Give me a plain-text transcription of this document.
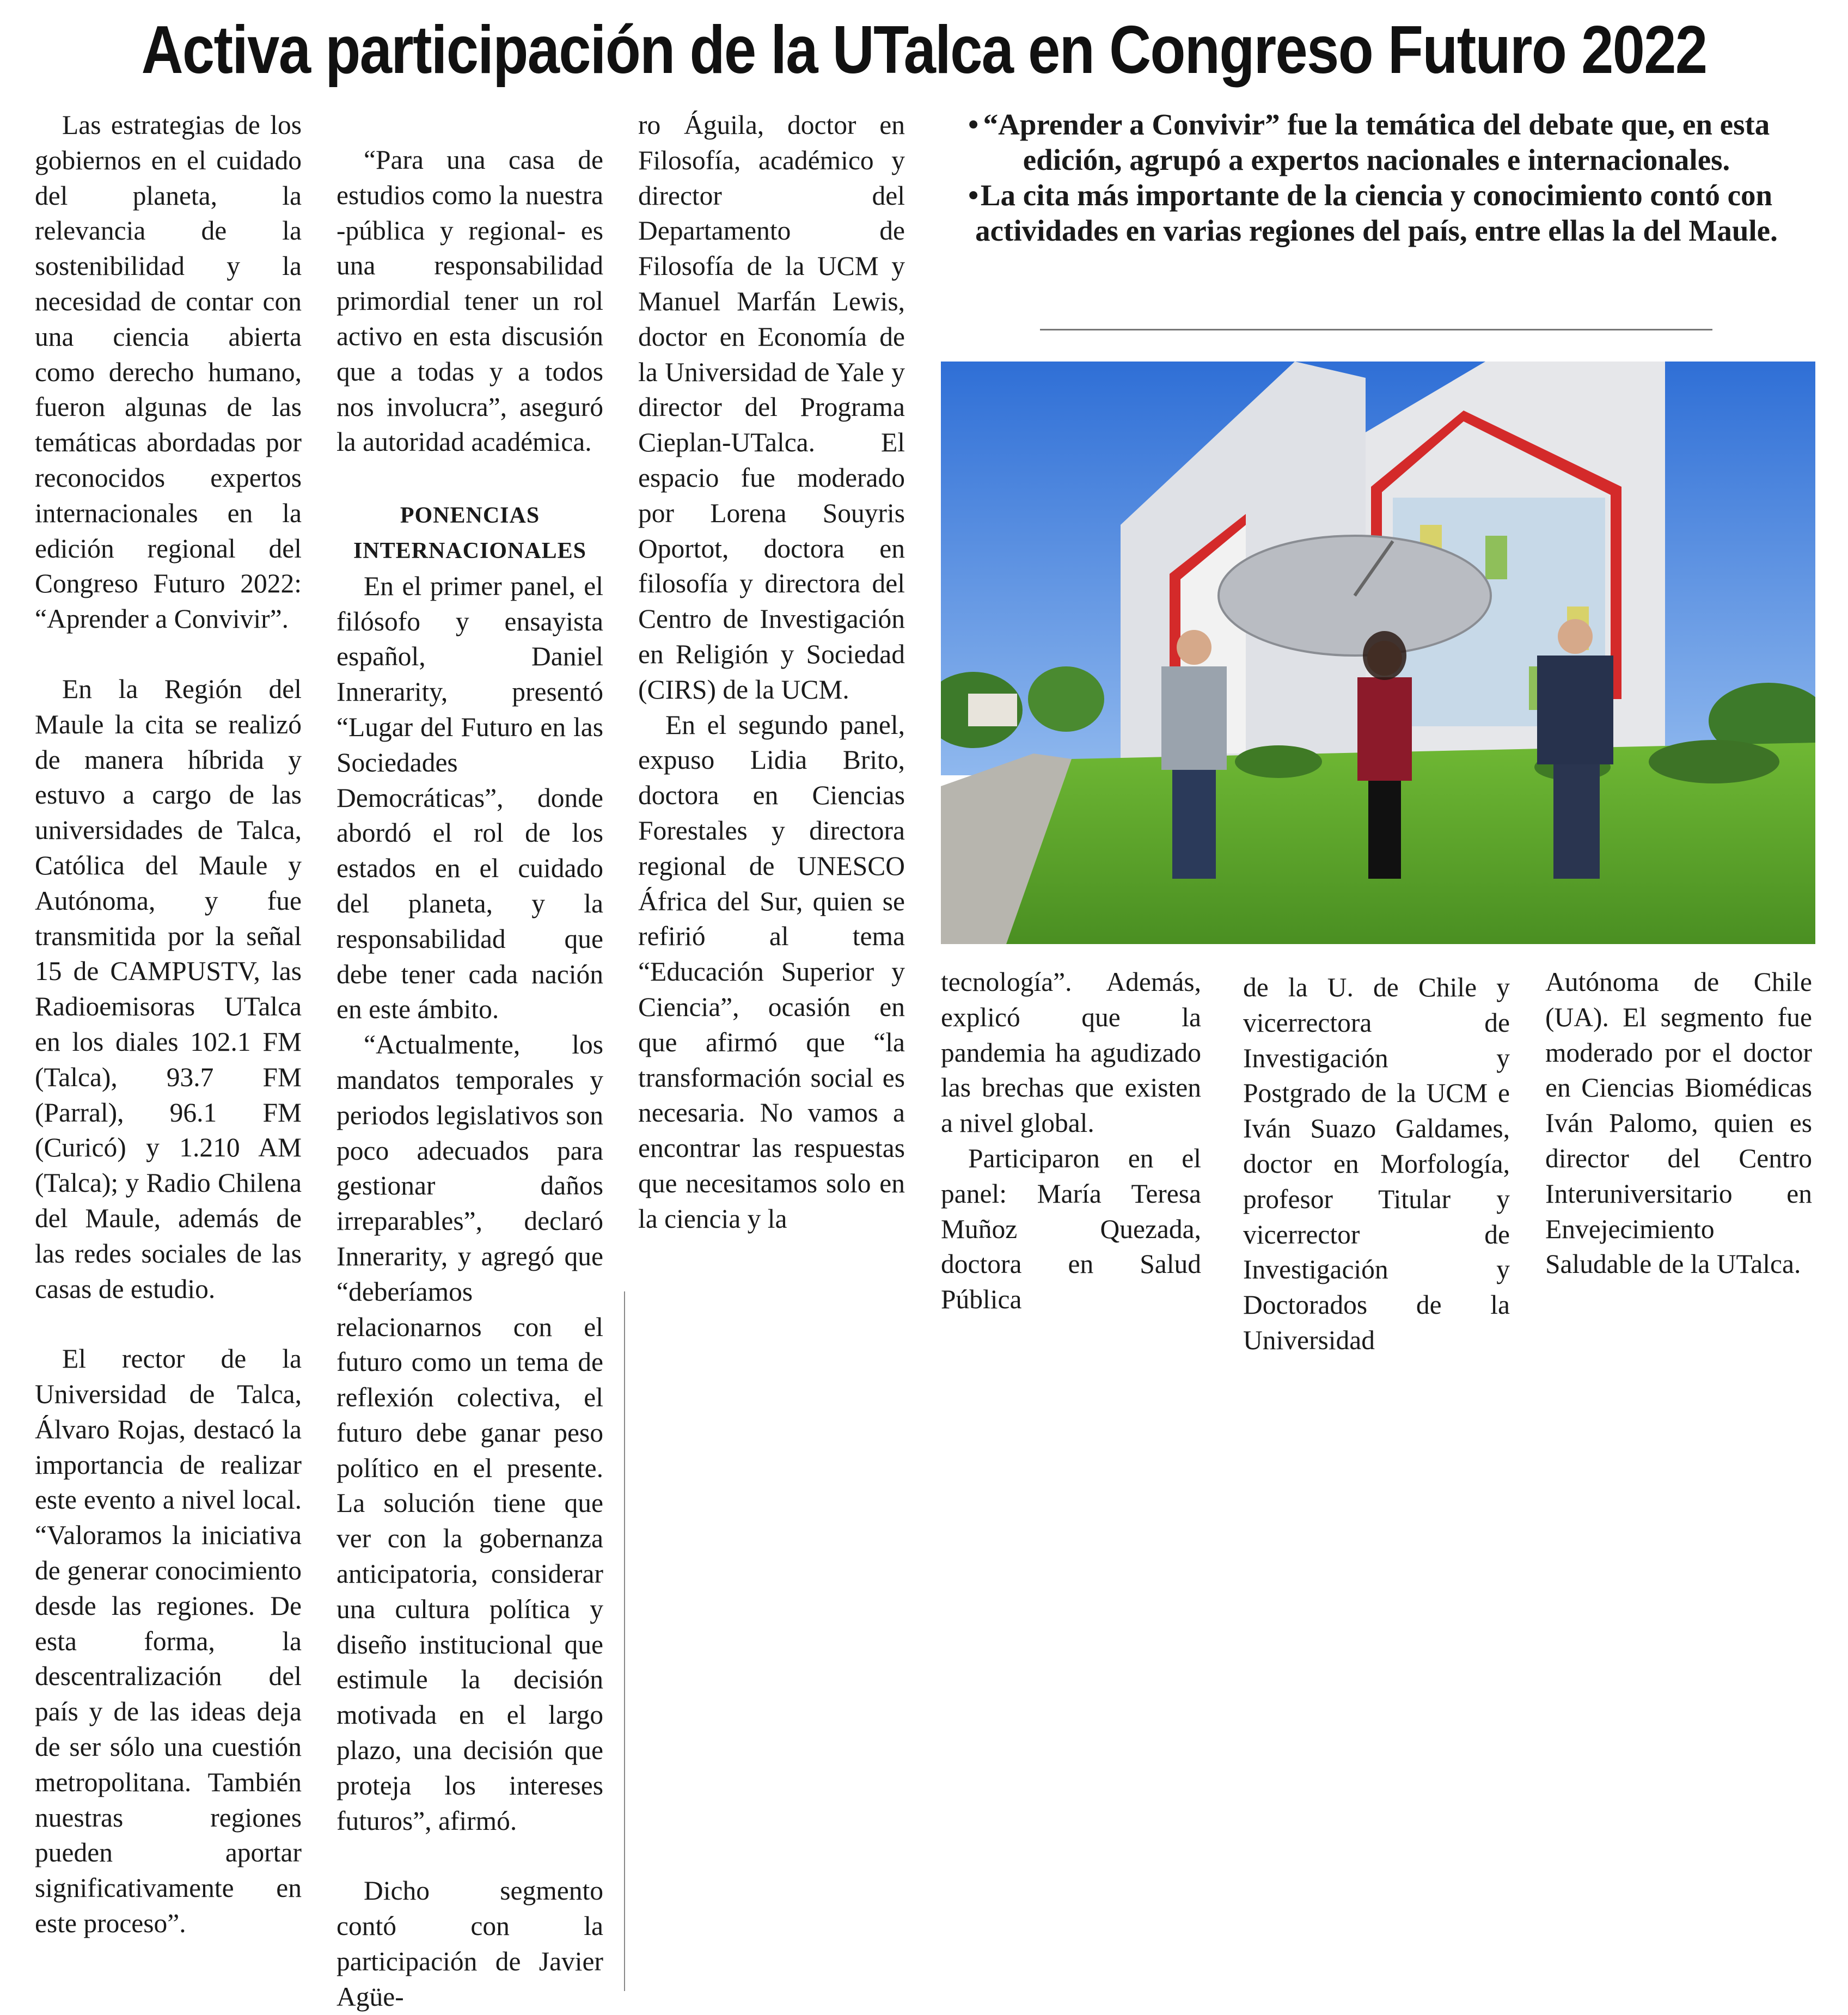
Activa participación de la UTalca en Congreso Futuro 2022

Las estrategias de los gobiernos en el cuidado del planeta, la relevancia de la sostenibilidad y la necesidad de contar con una ciencia abierta como derecho humano, fueron algunas de las temáticas abordadas por reconocidos expertos internacionales en la edición regional del Congreso Futuro 2022: “Aprender a Convivir”.

En la Región del Maule la cita se realizó de manera híbrida y estuvo a cargo de las universidades de Talca, Católica del Maule y Autónoma, y fue transmitida por la señal 15 de CAMPUSTV, las Radioemisoras UTalca en los diales 102.1 FM (Talca), 93.7 FM (Parral), 96.1 FM (Curicó) y 1.210 AM (Talca); y Radio Chilena del Maule, además de las redes sociales de las casas de estudio.

El rector de la Universidad de Talca, Álvaro Rojas, destacó la importancia de realizar este evento a nivel local. “Valoramos la iniciativa de generar conocimiento desde las regiones. De esta forma, la descentralización del país y de las ideas deja de ser sólo una cuestión metropolitana. También nuestras regiones pueden aportar significativamente en este proceso”.

“Para una casa de estudios como la nuestra -pública y regional- es una responsabilidad primordial tener un rol activo en esta discusión que a todas y a todos nos involucra”, aseguró la autoridad académica.

PONENCIAS INTERNACIONALES

En el primer panel, el filósofo y ensayista español, Daniel Innerarity, presentó “Lugar del Futuro en las Sociedades Democráticas”, donde abordó el rol de los estados en el cuidado del planeta, y la responsabilidad que debe tener cada nación en este ámbito.

“Actualmente, los mandatos temporales y periodos legislativos son poco adecuados para gestionar daños irreparables”, declaró Innerarity, y agregó que “deberíamos relacionarnos con el futuro como un tema de reflexión colectiva, el futuro debe ganar peso político en el presente. La solución tiene que ver con la gobernanza anticipatoria, considerar una cultura política y diseño institucional que estimule la decisión motivada en el largo plazo, una decisión que proteja los intereses futuros”, afirmó.

Dicho segmento contó con la participación de Javier Agüe-

ro Águila, doctor en Filosofía, académico y director del Departamento de Filosofía de la UCM y Manuel Marfán Lewis, doctor en Economía de la Universidad de Yale y director del Programa Cieplan-UTalca. El espacio fue moderado por Lorena Souyris Oportot, doctora en filosofía y directora del Centro de Investigación en Religión y Sociedad (CIRS) de la UCM.

En el segundo panel, expuso Lidia Brito, doctora en Ciencias Forestales y directora regional de UNESCO África del Sur, quien se refirió al tema “Educación Superior y Ciencia”, ocasión en que afirmó que “la transformación social es necesaria. No vamos a encontrar las respuestas que necesitamos solo en la ciencia y la

• “Aprender a Convivir” fue la temática del debate que, en esta edición, agrupó a expertos nacionales e internacionales.

• La cita más importante de la ciencia y conocimiento contó con actividades en varias regiones del país, entre ellas la del Maule.

tecnología”. Además, explicó que la pandemia ha agudizado las brechas que existen a nivel global.

Participaron en el panel: María Teresa Muñoz Quezada, doctora en Salud Pública

de la U. de Chile y vicerrectora de Investigación y Postgrado de la UCM e Iván Suazo Galdames, doctor en Morfología, profesor Titular y vicerrector de Investigación y Doctorados de la Universidad

Autónoma de Chile (UA). El segmento fue moderado por el doctor en Ciencias Biomédicas Iván Palomo, quien es director del Centro Interuniversitario en Envejecimiento Saludable de la UTalca.
